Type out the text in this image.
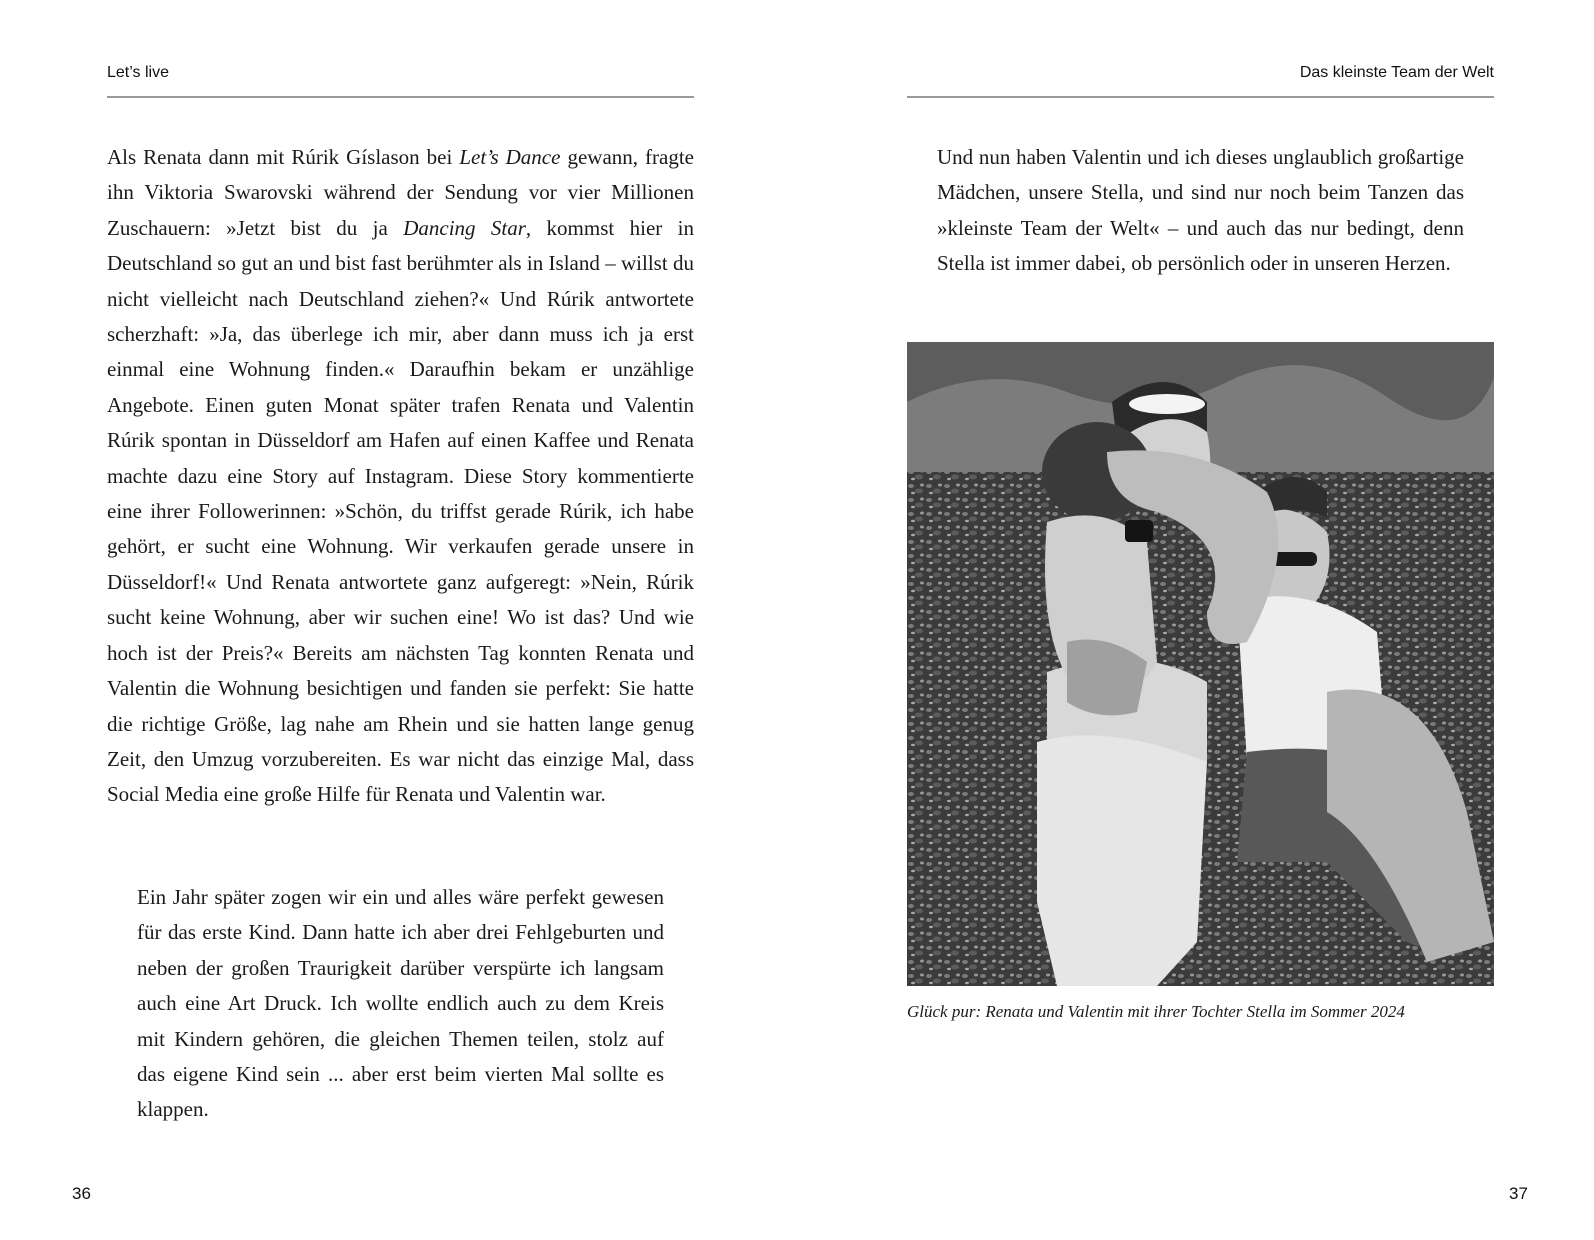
Let’s live

Als Renata dann mit Rúrik Gíslason bei Let’s Dance gewann, fragte ihn Viktoria Swarovski während der Sendung vor vier Millionen Zuschauern: »Jetzt bist du ja Dancing Star, kommst hier in Deutschland so gut an und bist fast berühmter als in Island – willst du nicht vielleicht nach Deutschland ziehen?« Und Rúrik antwortete scherzhaft: »Ja, das überlege ich mir, aber dann muss ich ja erst einmal eine Wohnung finden.« Daraufhin bekam er unzählige Angebote. Einen guten Monat später trafen Renata und Valentin Rúrik spontan in Düsseldorf am Hafen auf einen Kaffee und Renata machte dazu eine Story auf Instagram. Diese Story kommentierte eine ihrer Followerinnen: »Schön, du triffst gerade Rúrik, ich habe gehört, er sucht eine Wohnung. Wir verkaufen gerade unsere in Düsseldorf!« Und Renata antwortete ganz aufgeregt: »Nein, Rúrik sucht keine Wohnung, aber wir suchen eine! Wo ist das? Und wie hoch ist der Preis?« Bereits am nächsten Tag konnten Renata und Valentin die Wohnung besichtigen und fanden sie perfekt: Sie hatte die richtige Größe, lag nahe am Rhein und sie hatten lange genug Zeit, den Umzug vorzubereiten. Es war nicht das einzige Mal, dass Social Media eine große Hilfe für Renata und Valentin war.

Ein Jahr später zogen wir ein und alles wäre perfekt gewesen für das erste Kind. Dann hatte ich aber drei Fehlgeburten und neben der großen Traurigkeit darüber verspürte ich langsam auch eine Art Druck. Ich wollte endlich auch zu dem Kreis mit Kindern gehören, die gleichen Themen teilen, stolz auf das eigene Kind sein ... aber erst beim vierten Mal sollte es klappen.

36
Das kleinste Team der Welt

Und nun haben Valentin und ich dieses unglaublich großartige Mädchen, unsere Stella, und sind nur noch beim Tanzen das »kleinste Team der Welt« – und auch das nur bedingt, denn Stella ist immer dabei, ob persönlich oder in unseren Herzen.

Glück pur: Renata und Valentin mit ihrer Tochter Stella im Sommer 2024
37
